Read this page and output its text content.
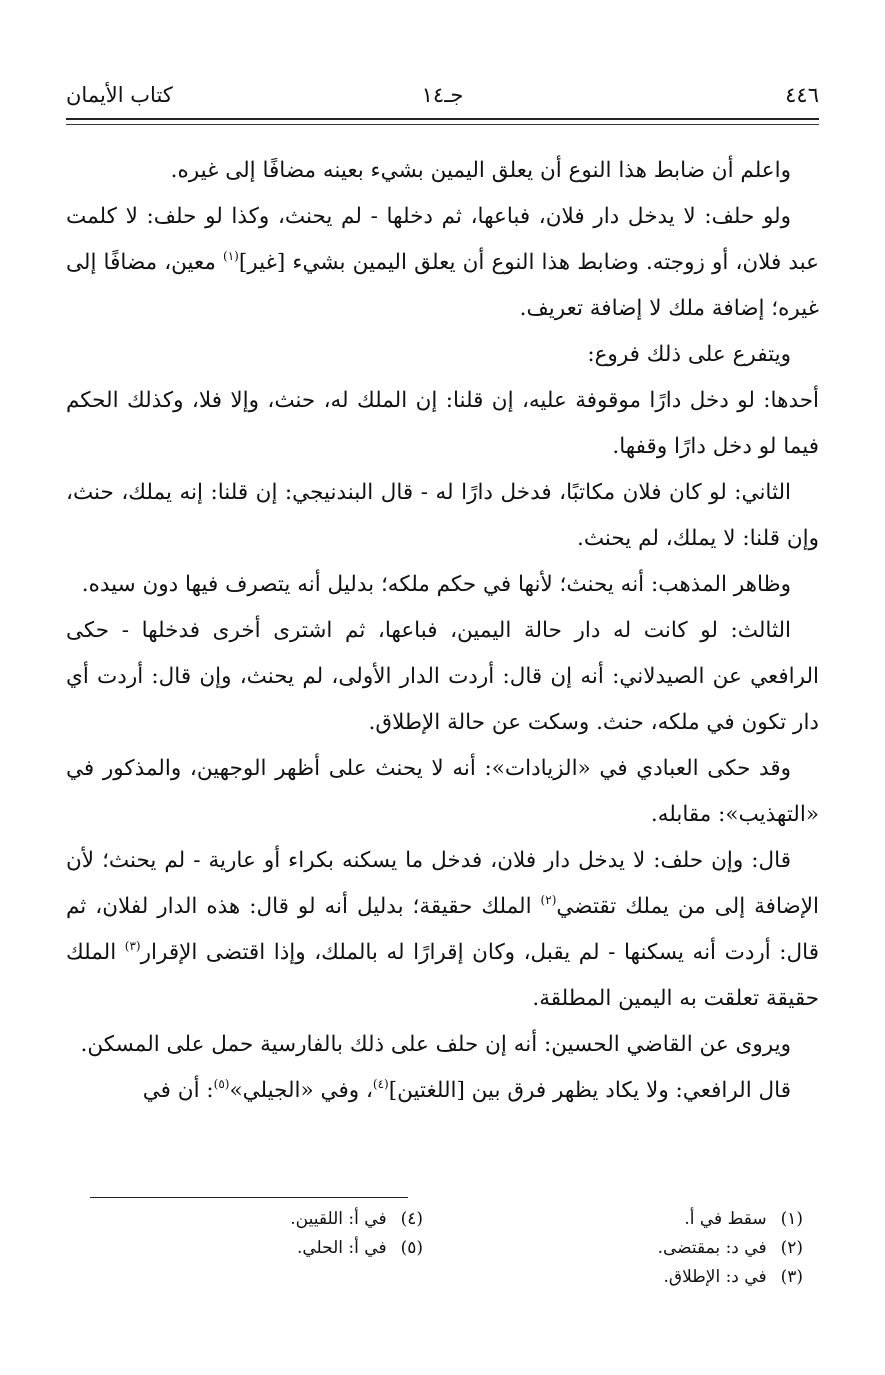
٤٤٦
جـ١٤
كتاب الأيمان

واعلم أن ضابط هذا النوع أن يعلق اليمين بشيء بعينه مضافًا إلى غيره.

ولو حلف: لا يدخل دار فلان، فباعها، ثم دخلها - لم يحنث، وكذا لو حلف: لا كلمت عبد فلان، أو زوجته. وضابط هذا النوع أن يعلق اليمين بشيء [غير]$^{(١)}$ معين، مضافًا إلى غيره؛ إضافة ملك لا إضافة تعريف.

ويتفرع على ذلك فروع:

أحدها: لو دخل دارًا موقوفة عليه، إن قلنا: إن الملك له، حنث، وإلا فلا، وكذلك الحكم فيما لو دخل دارًا وقفها.

الثاني: لو كان فلان مكاتبًا، فدخل دارًا له - قال البندنيجي: إن قلنا: إنه يملك، حنث، وإن قلنا: لا يملك، لم يحنث.

وظاهر المذهب: أنه يحنث؛ لأنها في حكم ملكه؛ بدليل أنه يتصرف فيها دون سيده.

الثالث: لو كانت له دار حالة اليمين، فباعها، ثم اشترى أخرى فدخلها - حكى الرافعي عن الصيدلاني: أنه إن قال: أردت الدار الأولى، لم يحنث، وإن قال: أردت أي دار تكون في ملكه، حنث. وسكت عن حالة الإطلاق.

وقد حكى العبادي في «الزيادات»: أنه لا يحنث على أظهر الوجهين، والمذكور في «التهذيب»: مقابله.

قال: وإن حلف: لا يدخل دار فلان، فدخل ما يسكنه بكراء أو عارية - لم يحنث؛ لأن الإضافة إلى من يملك تقتضي$^{(٢)}$ الملك حقيقة؛ بدليل أنه لو قال: هذه الدار لفلان، ثم قال: أردت أنه يسكنها - لم يقبل، وكان إقرارًا له بالملك، وإذا اقتضى الإقرار$^{(٣)}$ الملك حقيقة تعلقت به اليمين المطلقة.

ويروى عن القاضي الحسين: أنه إن حلف على ذلك بالفارسية حمل على المسكن.

قال الرافعي: ولا يكاد يظهر فرق بين [اللغتين]$^{(٤)}$، وفي «الجيلي»$^{(٥)}$: أن في

(١)سقط في أ.
(٢)في د: بمقتضى.
(٣)في د: الإطلاق.
(٤)في أ: اللقيين.
(٥)في أ: الحلي.
